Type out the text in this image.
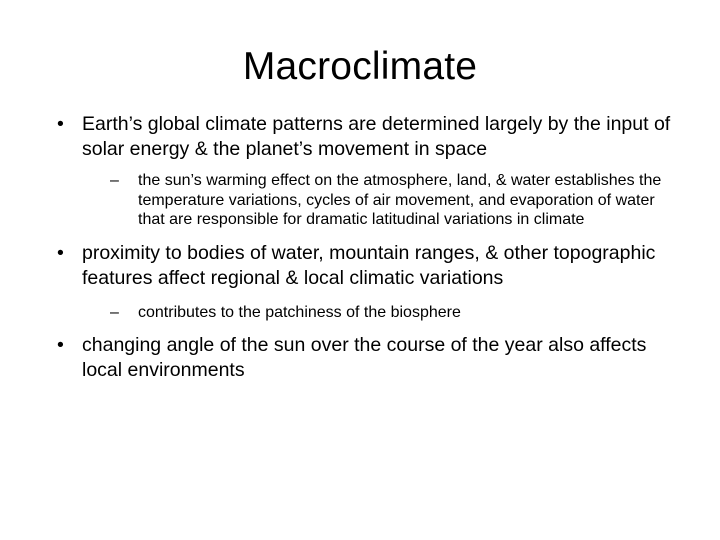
Macroclimate
• Earth’s global climate patterns are determined largely by the input of solar energy & the planet’s movement in space
– the sun’s warming effect on the atmosphere, land, & water establishes the temperature variations, cycles of air movement, and evaporation of water that are responsible for dramatic latitudinal variations in climate
• proximity to bodies of water, mountain ranges, & other topographic features affect regional & local climatic variations
– contributes to the patchiness of the biosphere
• changing angle of the sun over the course of the year also affects local environments
